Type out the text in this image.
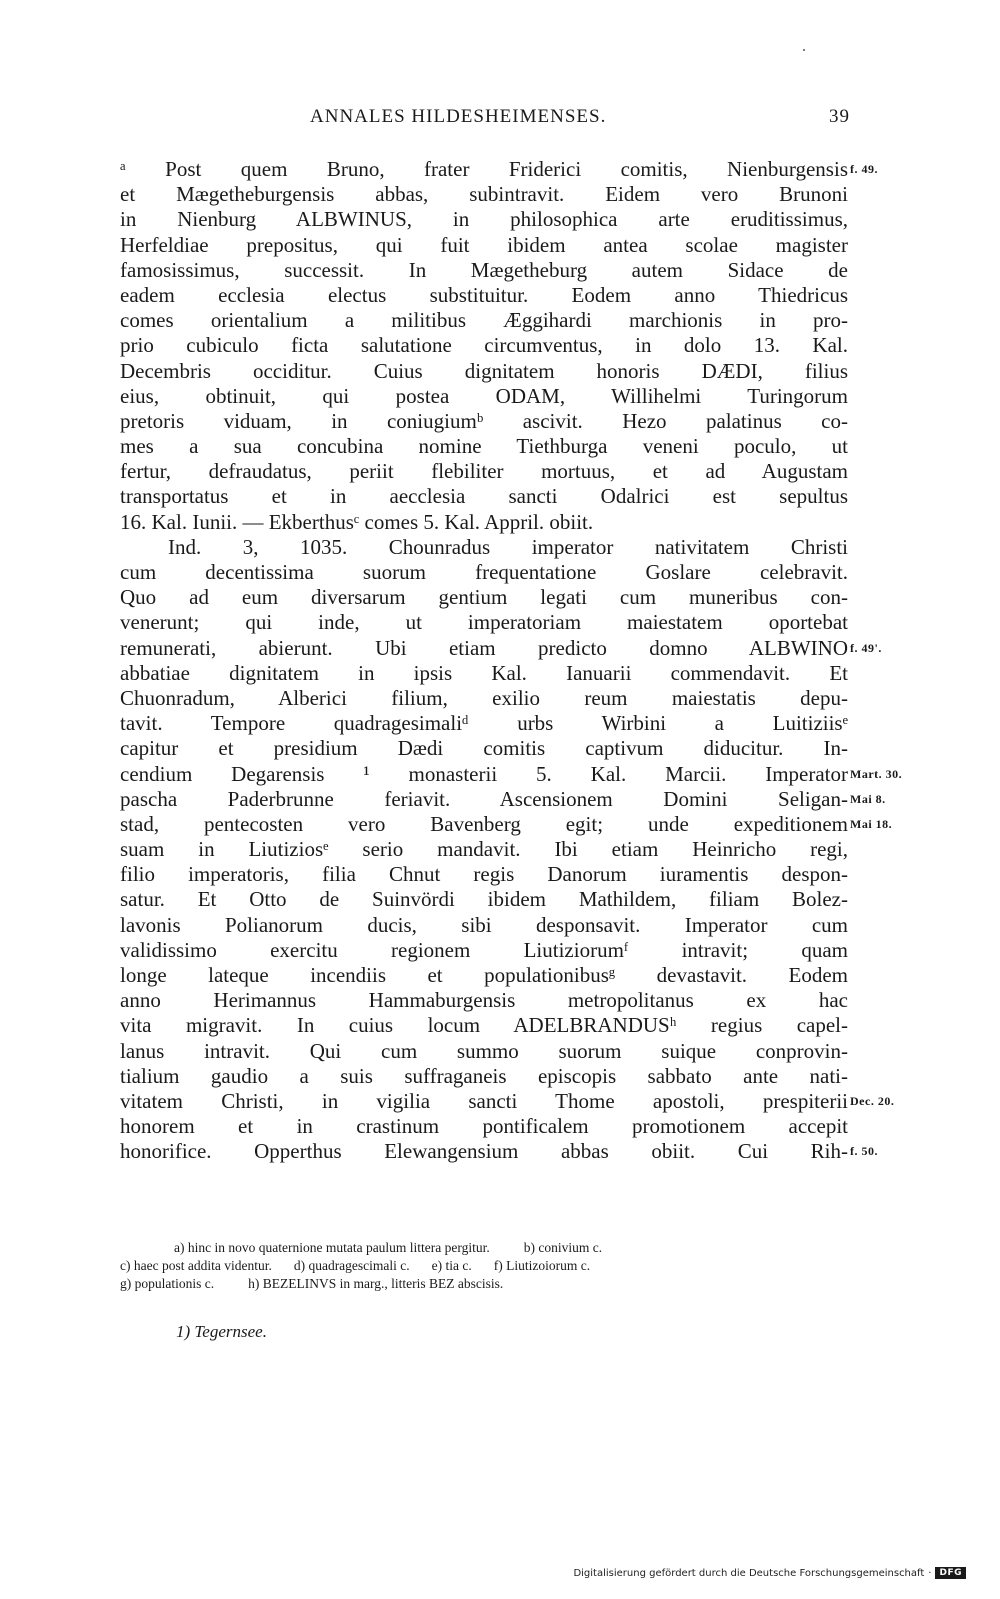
ANNALES HILDESHEIMENSES.	39
ᵃ Post quem Bruno, frater Friderici comitis, Nienburgensis f. 49.
et Mægetheburgensis abbas, subintravit. Eidem vero Brunoni
in Nienburg ALBWINUS, in philosophica arte eruditissimus,
Herfeldiae prepositus, qui fuit ibidem antea scolae magister
famosissimus, successit. In Mægetheburg autem Sidace de
eadem ecclesia electus substituitur. Eodem anno Thiedricus
comes orientalium a militibus Æggihardi marchionis in pro-
prio cubiculo ficta salutatione circumventus, in dolo 13. Kal.
Decembris occiditur. Cuius dignitatem honoris DÆDI, filius
eius, obtinuit, qui postea ODAM, Willihelmi Turingorum
pretoris viduam, in coniugiumᵇ ascivit. Hezo palatinus co-
mes a sua concubina nomine Tiethburga veneni poculo, ut
fertur, defraudatus, periit flebiliter mortuus, et ad Augustam
transportatus et in aecclesia sancti Odalrici est sepultus
16. Kal. Iunii. — Ekberthusᶜ comes 5. Kal. Appril. obiit.
Ind. 3, 1035. Chounradus imperator nativitatem Christi
cum decentissima suorum frequentatione Goslare celebravit.
Quo ad eum diversarum gentium legati cum muneribus con-
venerunt; qui inde, ut imperatoriam maiestatem oportebat
remunerati, abierunt. Ubi etiam predicto domno ALBWINO f. 49'.
abbatiae dignitatem in ipsis Kal. Ianuarii commendavit. Et
Chuonradum, Alberici filium, exilio reum maiestatis depu-
tavit. Tempore quadragesimaliᵈ urbs Wirbini a Luitiziisᵉ
capitur et presidium Dædi comitis captivum diducitur. In-
cendium Degarensis ¹ monasterii 5. Kal. Marcii. Imperator Mart. 30.
pascha Paderbrunne feriavit. Ascensionem Domini Seligan- Mai 8.
stad, pentecosten vero Bavenberg egit; unde expeditionem Mai 18.
suam in Liutiziosᵉ serio mandavit. Ibi etiam Heinricho regi,
filio imperatoris, filia Chnut regis Danorum iuramentis despon-
satur. Et Otto de Suinvördi ibidem Mathildem, filiam Bolez-
lavonis Polianorum ducis, sibi desponsavit. Imperator cum
validissimo exercitu regionem Liutiziorumᶠ intravit; quam
longe lateque incendiis et populationibusᵍ devastavit. Eodem
anno Herimannus Hammaburgensis metropolitanus ex hac
vita migravit. In cuius locum ADELBRANDUSʰ regius capel-
lanus intravit. Qui cum summo suorum suique conprovin-
tialium gaudio a suis suffraganeis episcopis sabbato ante nati-
vitatem Christi, in vigilia sancti Thome apostoli, prespiterii Dec. 20.
honorem et in crastinum pontificalem promotionem accepit
honorifice. Opperthus Elewangensium abbas obiit. Cui Rih- f. 50.
a) hinc in novo quaternione mutata paulum littera pergitur.	b) conivium c.
c) haec post addita videntur. d) quadragescimali c. e) tia c. f) Liutizoiorum c.
g) populationis c.	h) BEZELINVS in marg., litteris BEZ abscisis.
1) Tegernsee.
Digitalisierung gefördert durch die Deutsche Forschungsgemeinschaft · DFG
